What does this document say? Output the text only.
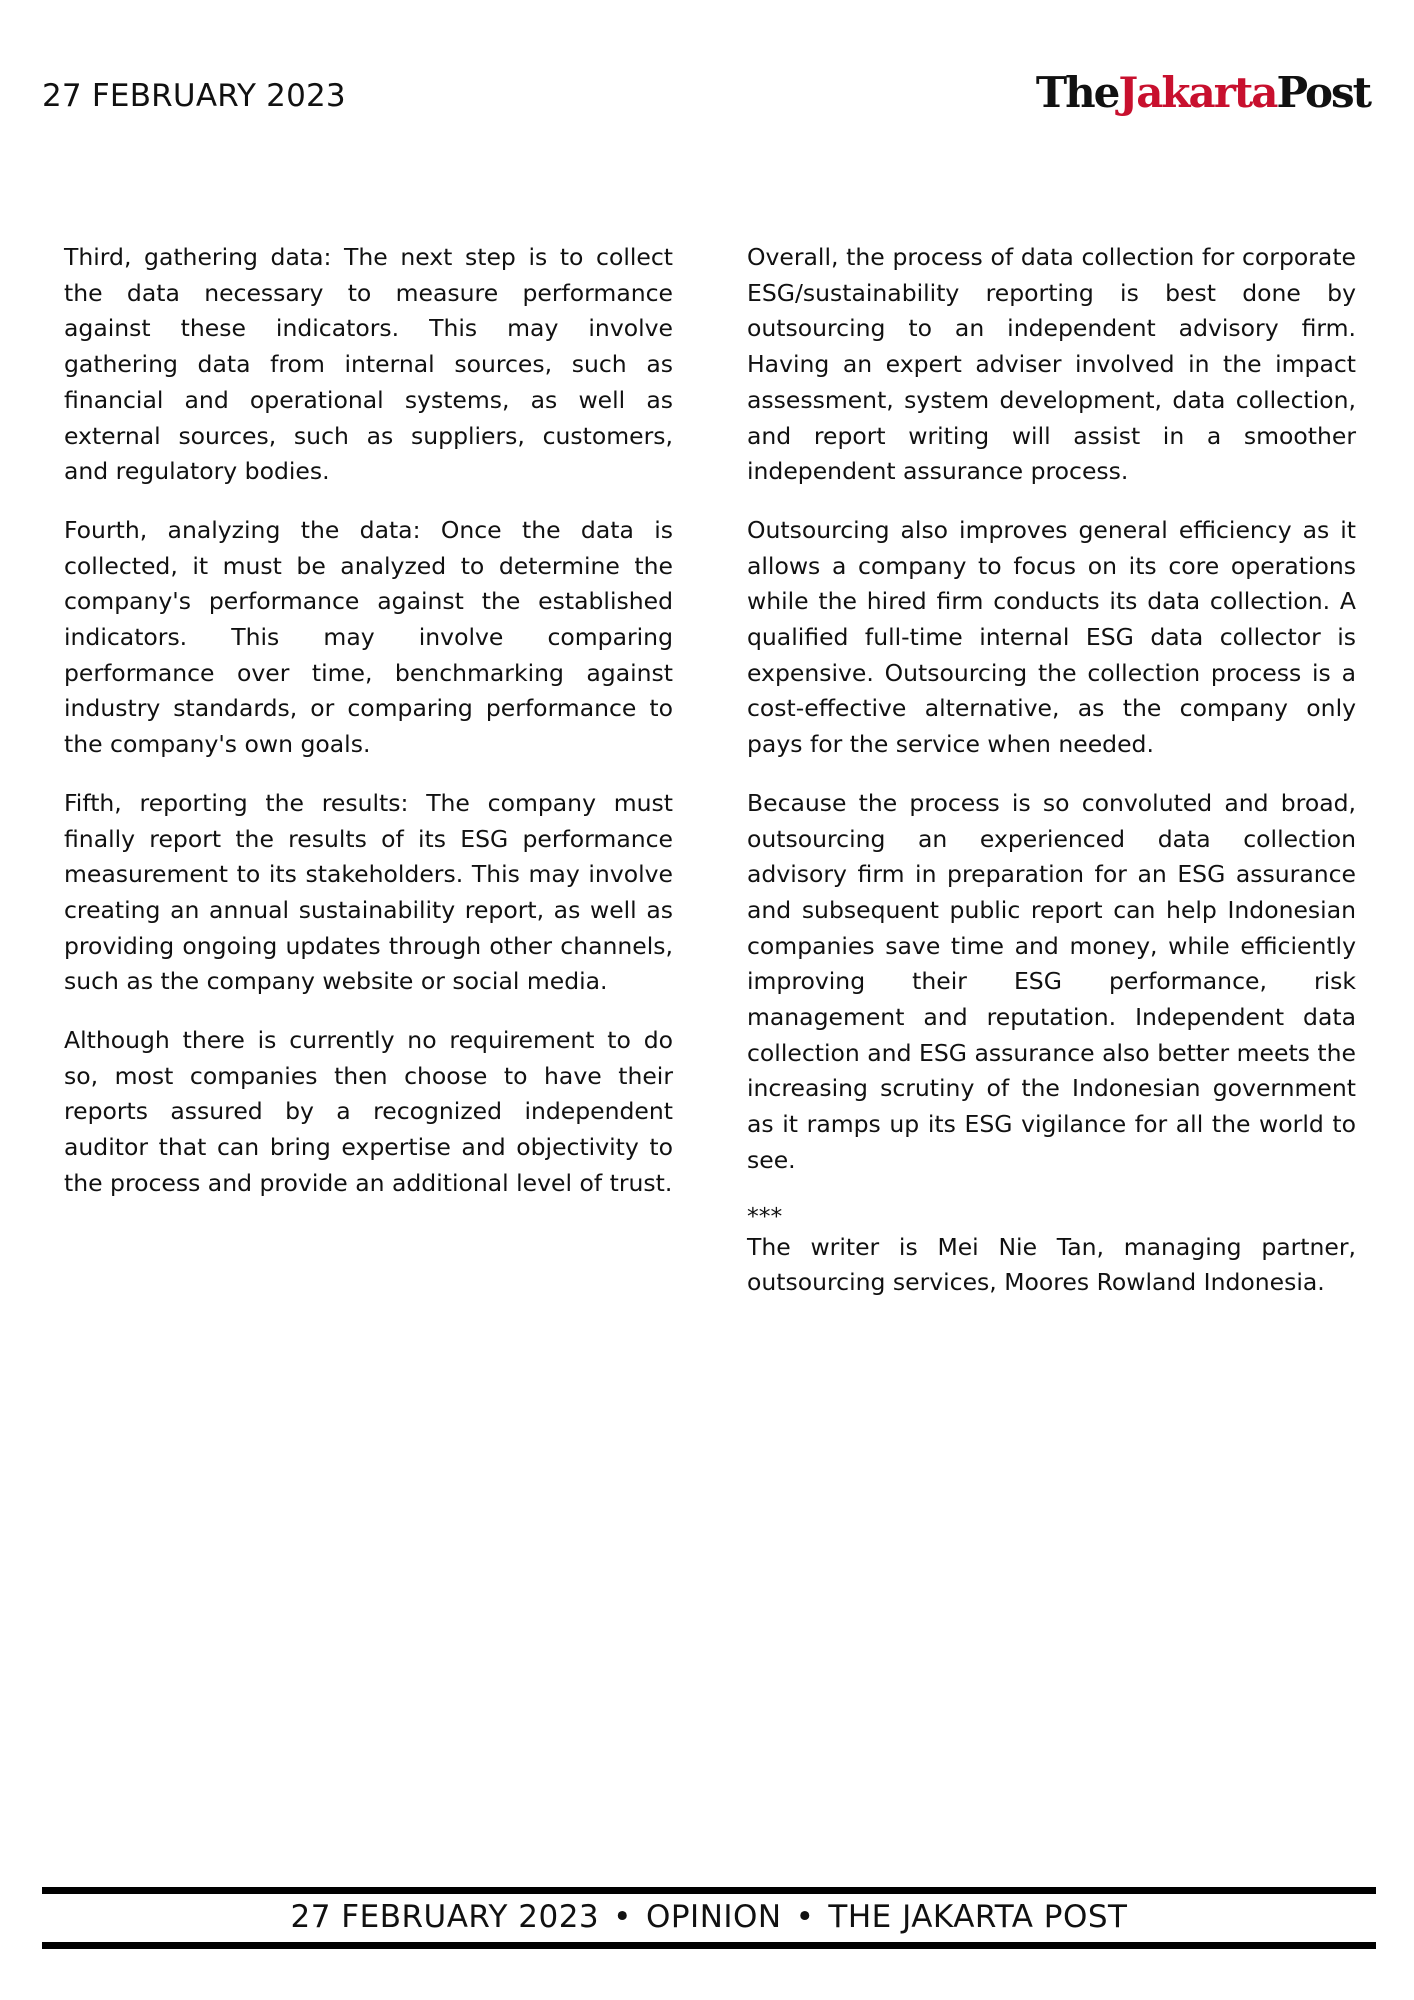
27 FEBRUARY 2023	TheJakartaPost

Third, gathering data: The next step is to collect the data necessary to measure performance against these indicators. This may involve gathering data from internal sources, such as financial and operational systems, as well as external sources, such as suppliers, customers, and regulatory bodies.

Fourth, analyzing the data: Once the data is collected, it must be analyzed to determine the company's performance against the established indicators. This may involve comparing performance over time, benchmarking against industry standards, or comparing performance to the company's own goals.

Fifth, reporting the results: The company must finally report the results of its ESG performance measurement to its stakeholders. This may involve creating an annual sustainability report, as well as providing ongoing updates through other channels, such as the company website or social media.

Although there is currently no requirement to do so, most companies then choose to have their reports assured by a recognized independent auditor that can bring expertise and objectivity to the process and provide an additional level of trust.

Overall, the process of data collection for corporate ESG/sustainability reporting is best done by outsourcing to an independent advisory firm. Having an expert adviser involved in the impact assessment, system development, data collection, and report writing will assist in a smoother independent assurance process.

Outsourcing also improves general efficiency as it allows a company to focus on its core operations while the hired firm conducts its data collection. A qualified full-time internal ESG data collector is expensive. Outsourcing the collection process is a cost-effective alternative, as the company only pays for the service when needed.

Because the process is so convoluted and broad, outsourcing an experienced data collection advisory firm in preparation for an ESG assurance and subsequent public report can help Indonesian companies save time and money, while efficiently improving their ESG performance, risk management and reputation. Independent data collection and ESG assurance also better meets the increasing scrutiny of the Indonesian government as it ramps up its ESG vigilance for all the world to see.

***

The writer is Mei Nie Tan, managing partner, outsourcing services, Moores Rowland Indonesia.

27 FEBRUARY 2023 • OPINION • THE JAKARTA POST
